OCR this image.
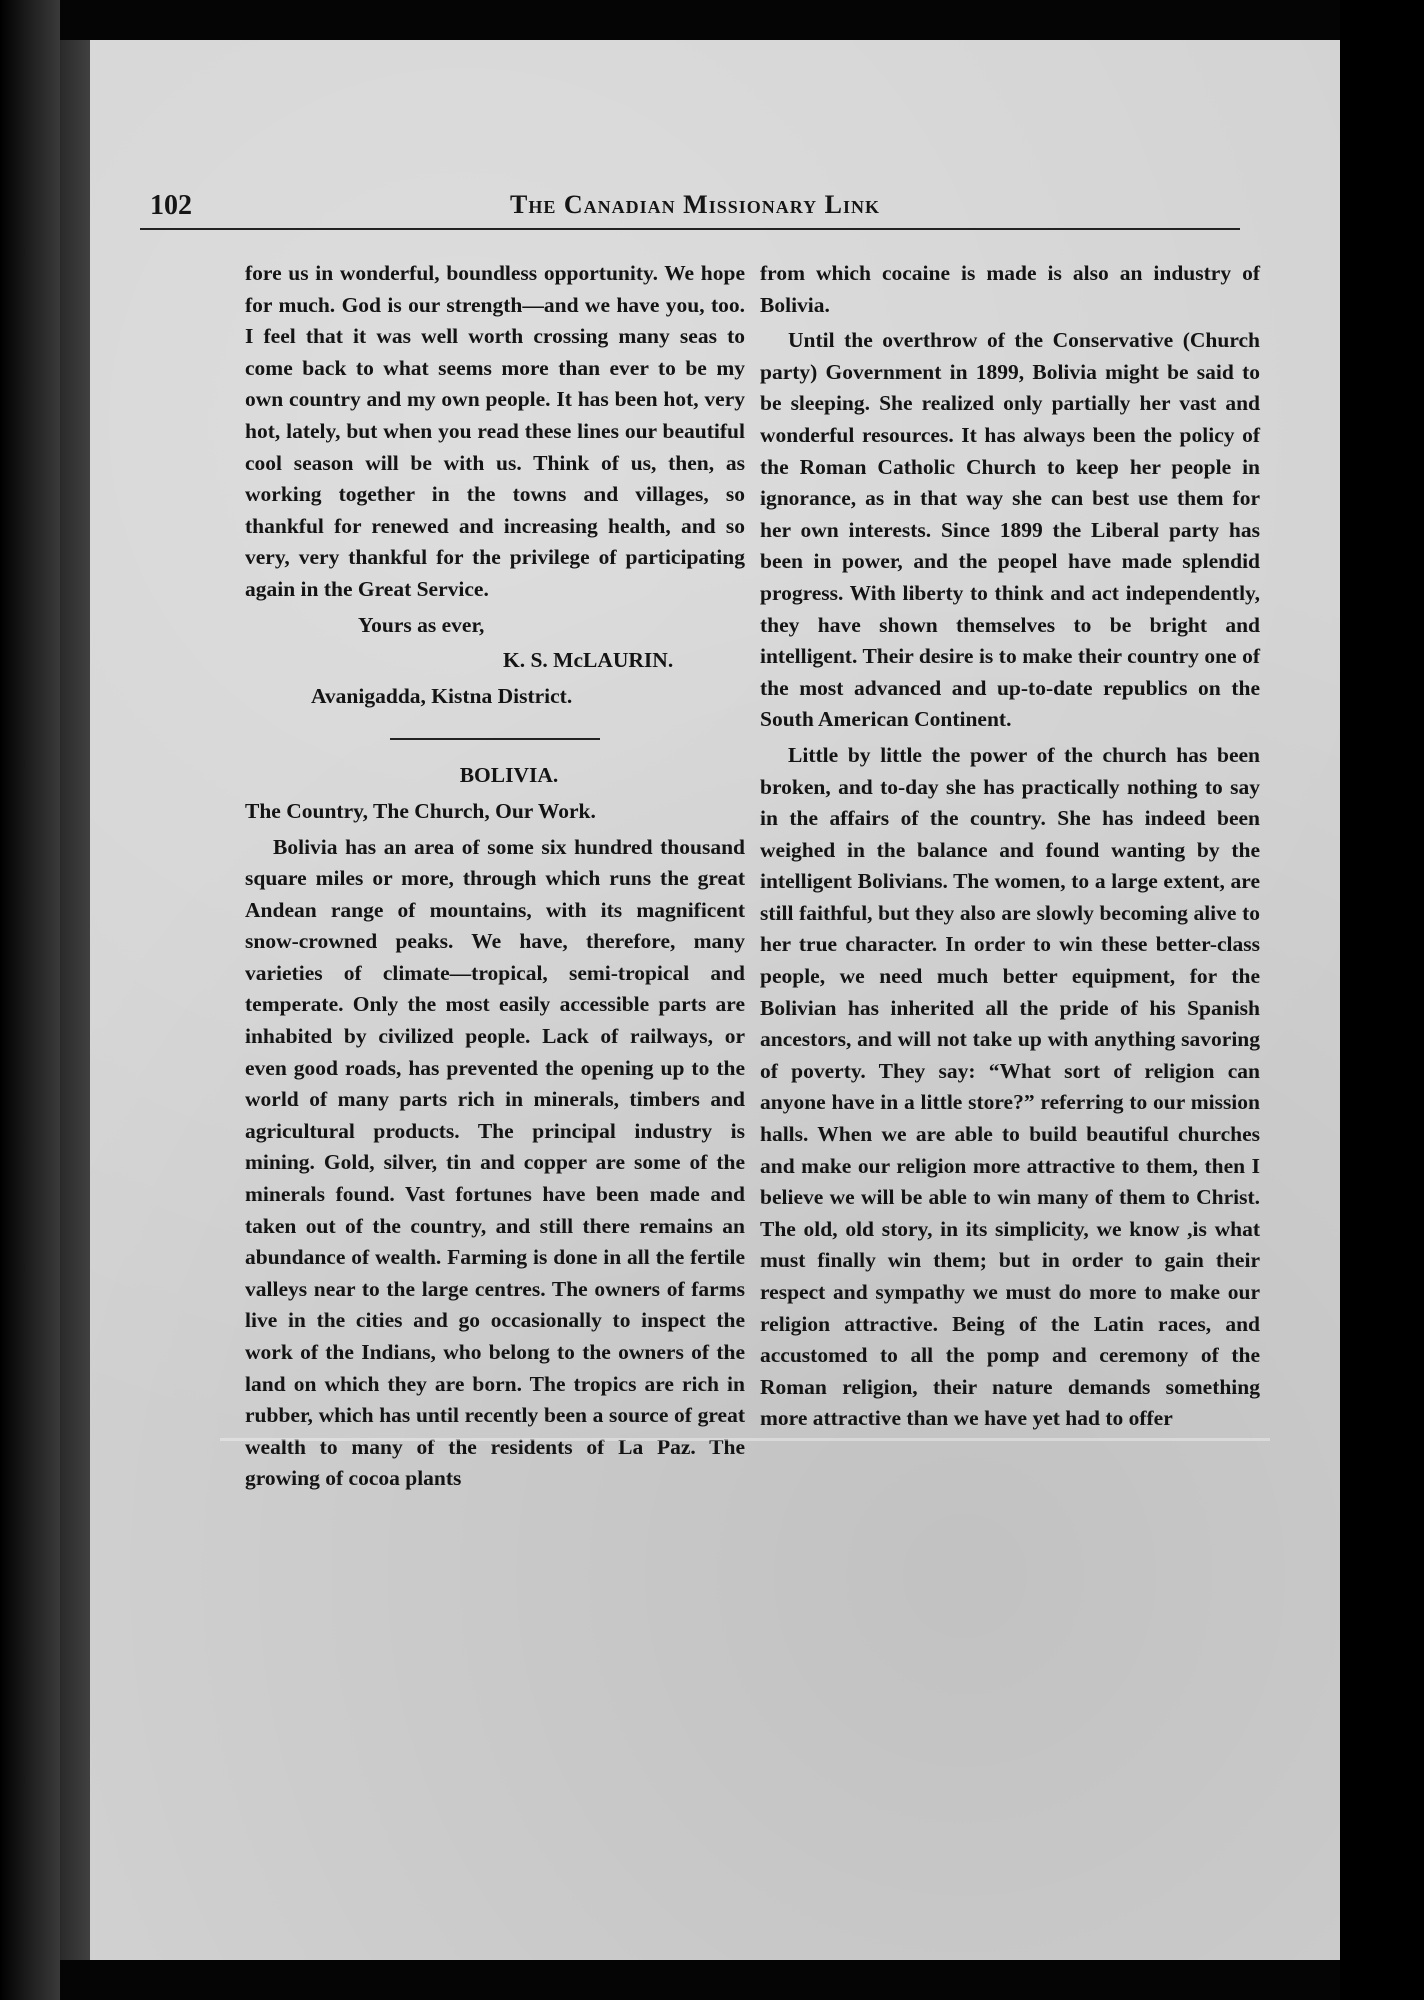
102	The Canadian Missionary Link

fore us in wonderful, boundless opportunity. We hope for much. God is our strength—and we have you, too. I feel that it was well worth crossing many seas to come back to what seems more than ever to be my own country and my own people. It has been hot, very hot, lately, but when you read these lines our beautiful cool season will be with us. Think of us, then, as working together in the towns and villages, so thankful for renewed and increasing health, and so very, very thankful for the privilege of participating again in the Great Service.

Yours as ever,

K. S. McLAURIN.

Avanigadda, Kistna District.

BOLIVIA.

The Country, The Church, Our Work.

Bolivia has an area of some six hundred thousand square miles or more, through which runs the great Andean range of mountains, with its magnificent snow-crowned peaks. We have, therefore, many varieties of climate—tropical, semi-tropical and temperate. Only the most easily accessible parts are inhabited by civilized people. Lack of railways, or even good roads, has prevented the opening up to the world of many parts rich in minerals, timbers and agricultural products. The principal industry is mining. Gold, silver, tin and copper are some of the minerals found. Vast fortunes have been made and taken out of the country, and still there remains an abundance of wealth. Farming is done in all the fertile valleys near to the large centres. The owners of farms live in the cities and go occasionally to inspect the work of the Indians, who belong to the owners of the land on which they are born. The tropics are rich in rubber, which has until recently been a source of great wealth to many of the residents of La Paz. The growing of cocoa plants

from which cocaine is made is also an industry of Bolivia.

Until the overthrow of the Conservative (Church party) Government in 1899, Bolivia might be said to be sleeping. She realized only partially her vast and wonderful resources. It has always been the policy of the Roman Catholic Church to keep her people in ignorance, as in that way she can best use them for her own interests. Since 1899 the Liberal party has been in power, and the peopel have made splendid progress. With liberty to think and act independently, they have shown themselves to be bright and intelligent. Their desire is to make their country one of the most advanced and up-to-date republics on the South American Continent.

Little by little the power of the church has been broken, and to-day she has practically nothing to say in the affairs of the country. She has indeed been weighed in the balance and found wanting by the intelligent Bolivians. The women, to a large extent, are still faithful, but they also are slowly becoming alive to her true character. In order to win these better-class people, we need much better equipment, for the Bolivian has inherited all the pride of his Spanish ancestors, and will not take up with anything savoring of poverty. They say: “What sort of religion can anyone have in a little store?” referring to our mission halls. When we are able to build beautiful churches and make our religion more attractive to them, then I believe we will be able to win many of them to Christ. The old, old story, in its simplicity, we know ,is what must finally win them; but in order to gain their respect and sympathy we must do more to make our religion attractive. Being of the Latin races, and accustomed to all the pomp and ceremony of the Roman religion, their nature demands something more attractive than we have yet had to offer
